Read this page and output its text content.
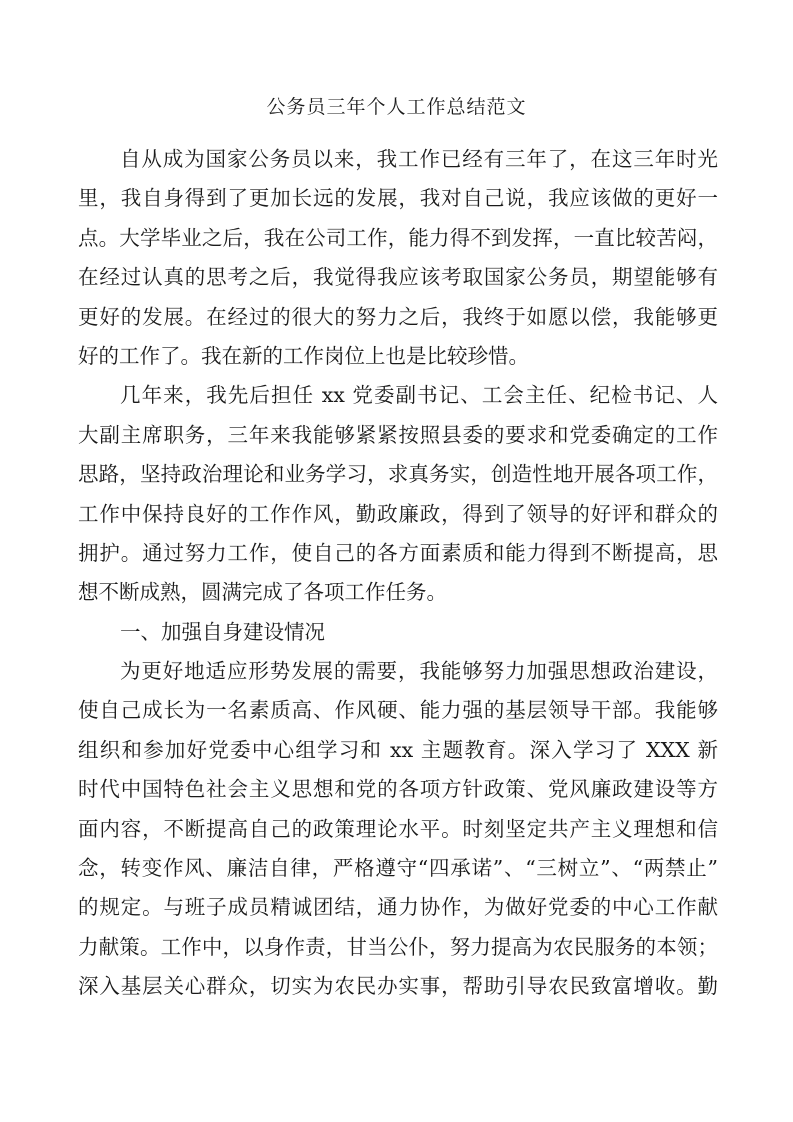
公务员三年个人工作总结范文
自从成为国家公务员以来，我工作已经有三年了，在这三年时光
里，我自身得到了更加长远的发展，我对自己说，我应该做的更好一
点。大学毕业之后，我在公司工作，能力得不到发挥，一直比较苦闷，
在经过认真的思考之后，我觉得我应该考取国家公务员，期望能够有
更好的发展。在经过的很大的努力之后，我终于如愿以偿，我能够更
好的工作了。我在新的工作岗位上也是比较珍惜。
几年来，我先后担任 xx 党委副书记、工会主任、纪检书记、人
大副主席职务，三年来我能够紧紧按照县委的要求和党委确定的工作
思路，坚持政治理论和业务学习，求真务实，创造性地开展各项工作，
工作中保持良好的工作作风，勤政廉政，得到了领导的好评和群众的
拥护。通过努力工作，使自己的各方面素质和能力得到不断提高，思
想不断成熟，圆满完成了各项工作任务。
一、加强自身建设情况
为更好地适应形势发展的需要，我能够努力加强思想政治建设，
使自己成长为一名素质高、作风硬、能力强的基层领导干部。我能够
组织和参加好党委中心组学习和 xx 主题教育。深入学习了 XXX 新
时代中国特色社会主义思想和党的各项方针政策、党风廉政建设等方
面内容，不断提高自己的政策理论水平。时刻坚定共产主义理想和信
念，转变作风、廉洁自律，严格遵守“四承诺”、“三树立”、“两禁止”
的规定。与班子成员精诚团结，通力协作，为做好党委的中心工作献
力献策。工作中，以身作责，甘当公仆，努力提高为农民服务的本领；
深入基层关心群众，切实为农民办实事，帮助引导农民致富增收。勤
